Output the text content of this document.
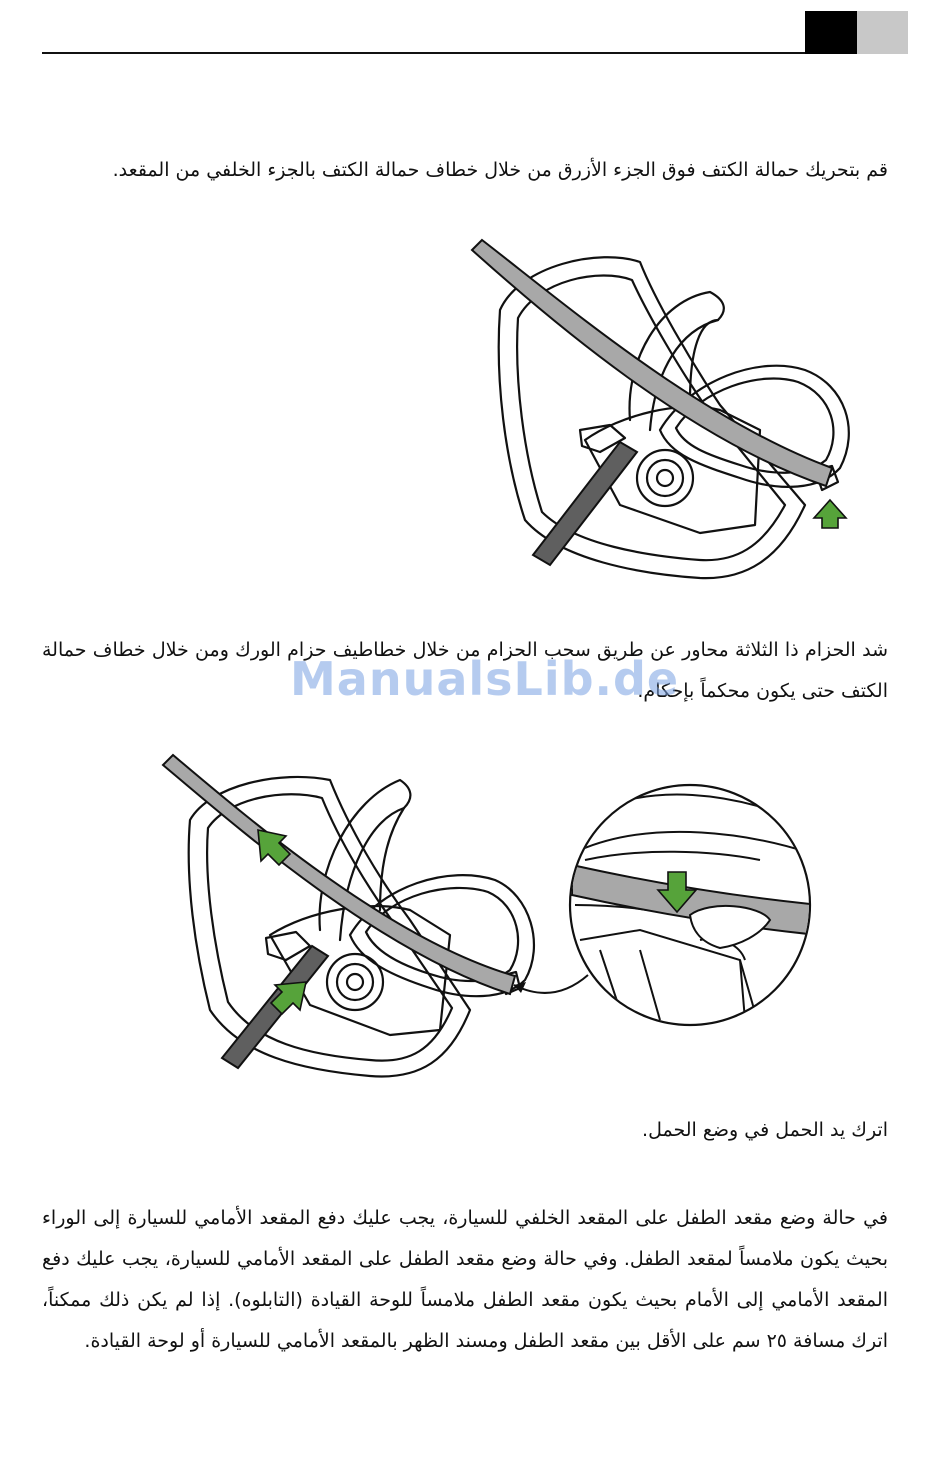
قم بتحريك حمالة الكتف فوق الجزء الأزرق من خلال خطاف حمالة الكتف بالجزء الخلفي من المقعد.

شد الحزام ذا الثلاثة محاور عن طريق سحب الحزام من خلال خطاطيف حزام الورك ومن خلال خطاف حمالة الكتف حتى يكون محكماً بإحكام.

ManualsLib.de

اترك يد الحمل في وضع الحمل.

في حالة وضع مقعد الطفل على المقعد الخلفي للسيارة، يجب عليك دفع المقعد الأمامي للسيارة إلى الوراء بحيث يكون ملامساً لمقعد الطفل. وفي حالة وضع مقعد الطفل على المقعد الأمامي للسيارة، يجب عليك دفع المقعد الأمامي إلى الأمام بحيث يكون مقعد الطفل ملامساً للوحة القيادة (التابلوه). إذا لم يكن ذلك ممكناً، اترك مسافة ٢٥ سم على الأقل بين مقعد الطفل ومسند الظهر بالمقعد الأمامي للسيارة أو لوحة القيادة.
